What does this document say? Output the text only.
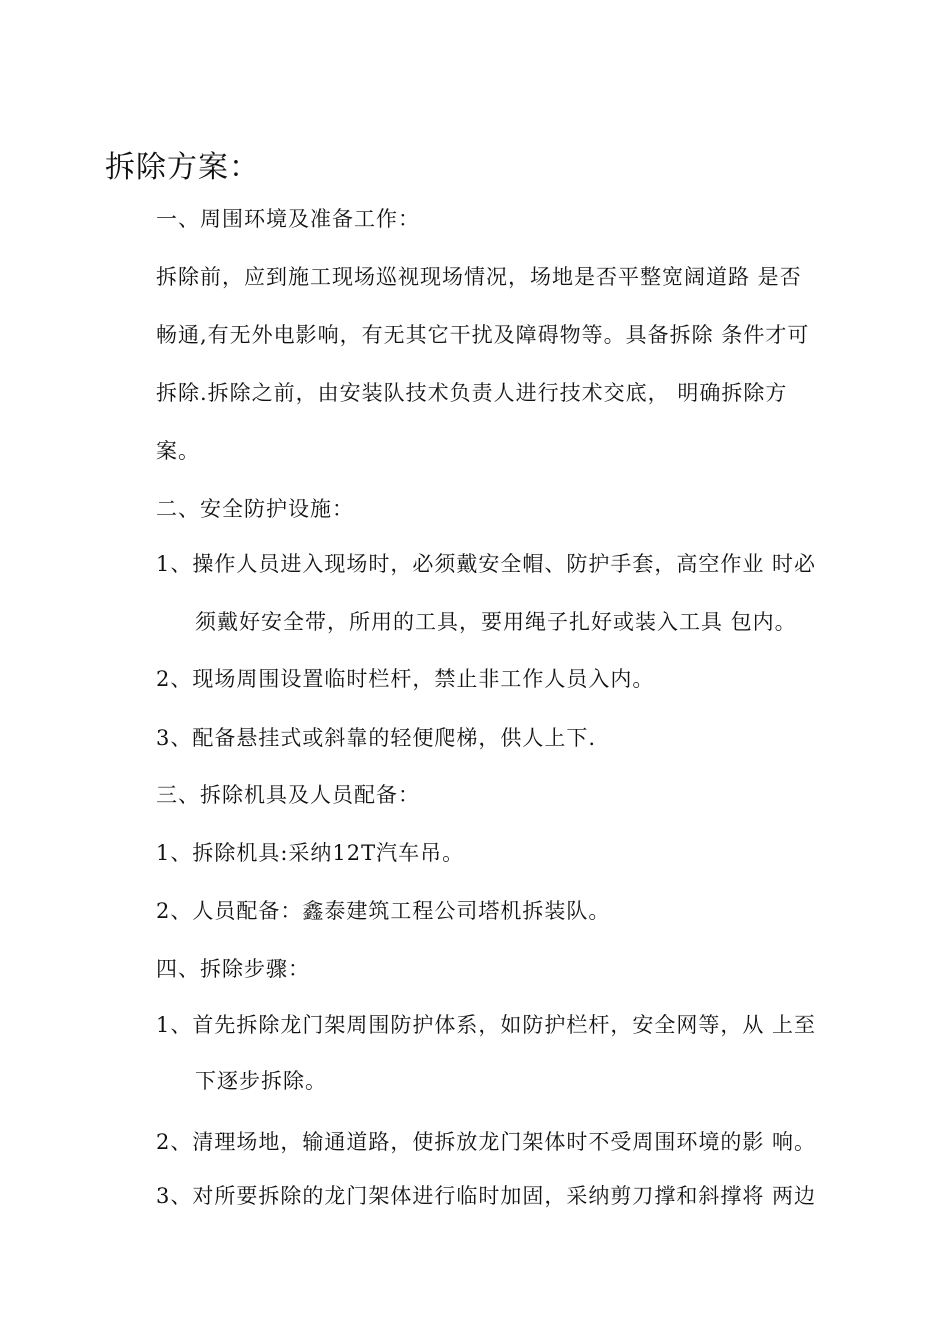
拆除方案：
一、周围环境及准备工作：
拆除前，应到施工现场巡视现场情况，场地是否平整宽阔道路 是否
畅通,有无外电影响，有无其它干扰及障碍物等。具备拆除 条件才可
拆除.拆除之前，由安装队技术负责人进行技术交底， 明确拆除方
案。
二、安全防护设施：
1、操作人员进入现场时，必须戴安全帽、防护手套，高空作业 时必
须戴好安全带，所用的工具，要用绳子扎好或装入工具 包内。
2、现场周围设置临时栏杆，禁止非工作人员入内。
3、配备悬挂式或斜靠的轻便爬梯，供人上下.
三、拆除机具及人员配备：
1、拆除机具:采纳12T汽车吊。
2、人员配备：鑫泰建筑工程公司塔机拆装队。
四、拆除步骤：
1、首先拆除龙门架周围防护体系，如防护栏杆，安全网等，从 上至
下逐步拆除。
2、清理场地，输通道路，使拆放龙门架体时不受周围环境的影 响。
3、对所要拆除的龙门架体进行临时加固，采纳剪刀撑和斜撑将 两边
